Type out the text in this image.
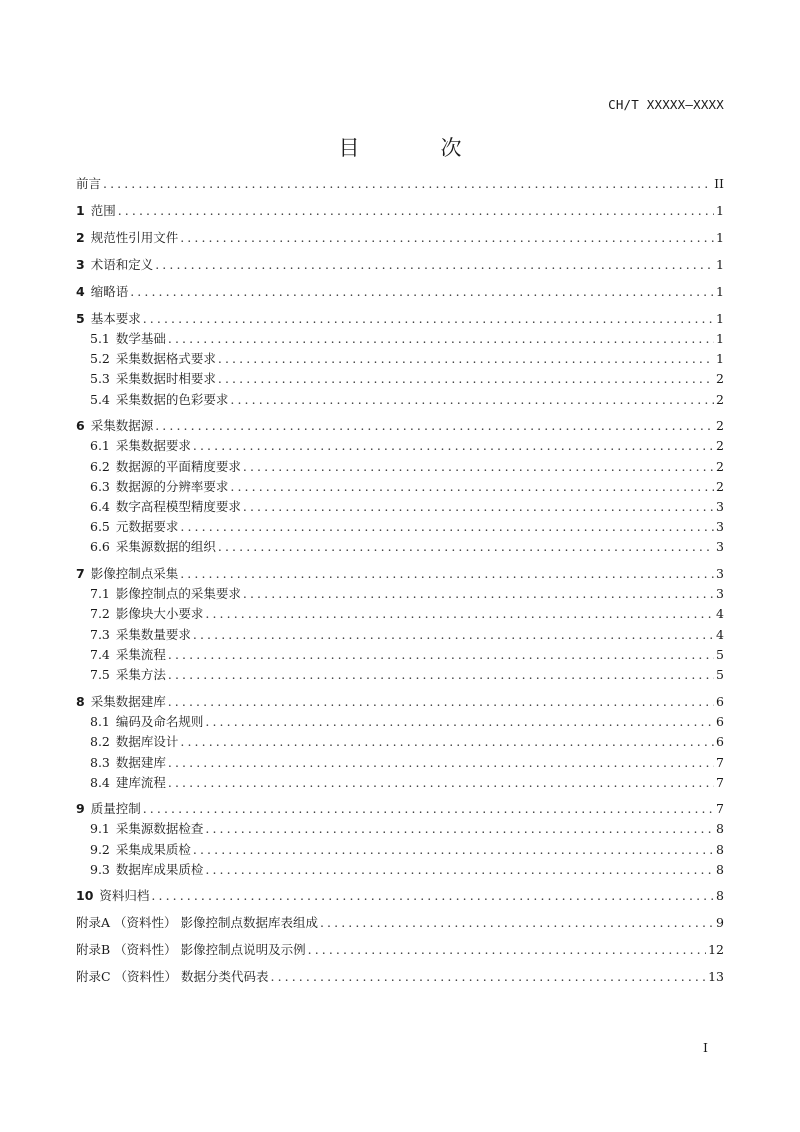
CH/T XXXXX—XXXX
目　次
前言 .....	II
1 范围 .....	1
2 规范性引用文件 .....	1
3 术语和定义 .....	1
4 缩略语 .....	1
5 基本要求 .....	1
5.1 数学基础 .....	1
5.2 采集数据格式要求 .....	1
5.3 采集数据时相要求 .....	2
5.4 采集数据的色彩要求 .....	2
6 采集数据源 .....	2
6.1 采集数据要求 .....	2
6.2 数据源的平面精度要求 .....	2
6.3 数据源的分辨率要求 .....	2
6.4 数字高程模型精度要求 .....	3
6.5 元数据要求 .....	3
6.6 采集源数据的组织 .....	3
7 影像控制点采集 .....	3
7.1 影像控制点的采集要求 .....	3
7.2 影像块大小要求 .....	4
7.3 采集数量要求 .....	4
7.4 采集流程 .....	5
7.5 采集方法 .....	5
8 采集数据建库 .....	6
8.1 编码及命名规则 .....	6
8.2 数据库设计 .....	6
8.3 数据建库 .....	7
8.4 建库流程 .....	7
9 质量控制 .....	7
9.1 采集源数据检查 .....	8
9.2 采集成果质检 .....	8
9.3 数据库成果质检 .....	8
10 资料归档 .....	8
附录A （资料性） 影像控制点数据库表组成 .....	9
附录B （资料性） 影像控制点说明及示例 .....	12
附录C （资料性） 数据分类代码表 .....	13
I
